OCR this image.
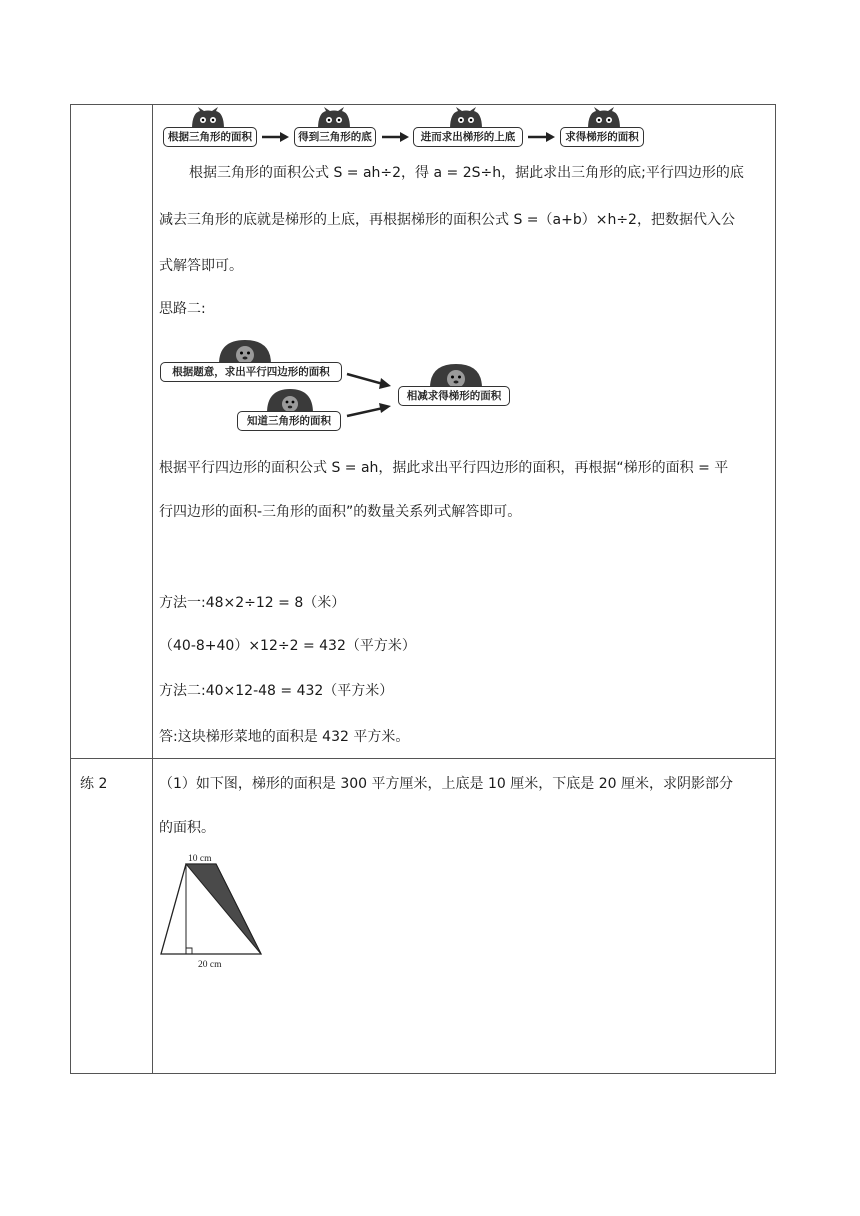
根据三角形的面积	得到三角形的底	进而求出梯形的上底	求得梯形的面积
根据三角形的面积公式 S = ah÷2，得 a = 2S÷h，据此求出三角形的底;平行四边形的底
减去三角形的底就是梯形的上底，再根据梯形的面积公式 S =（a+b）×h÷2，把数据代入公
式解答即可。
思路二:
根据题意，求出平行四边形的面积
知道三角形的面积
相减求得梯形的面积
根据平行四边形的面积公式 S = ah，据此求出平行四边形的面积，再根据“梯形的面积 = 平
行四边形的面积-三角形的面积”的数量关系列式解答即可。
方法一:48×2÷12 = 8（米）
（40-8+40）×12÷2 = 432（平方米）
方法二:40×12-48 = 432（平方米）
答:这块梯形菜地的面积是 432 平方米。
练 2	（1）如下图，梯形的面积是 300 平方厘米，上底是 10 厘米，下底是 20 厘米，求阴影部分
的面积。
10 cm
20 cm
